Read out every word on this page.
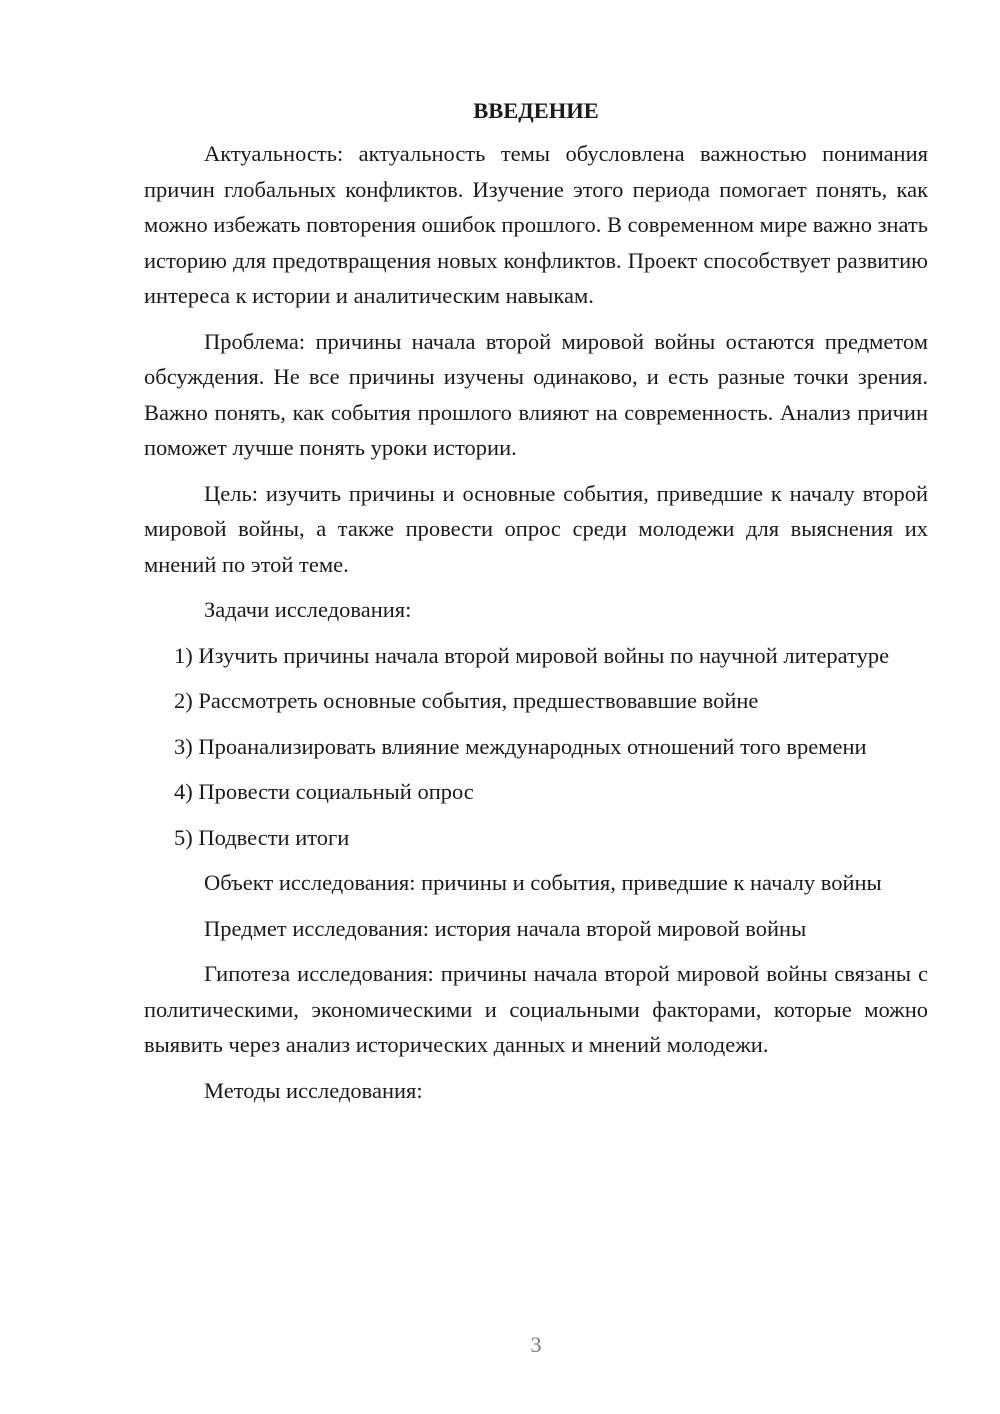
ВВЕДЕНИЕ

Актуальность: актуальность темы обусловлена важностью понимания причин глобальных конфликтов. Изучение этого периода помогает понять, как можно избежать повторения ошибок прошлого. В современном мире важно знать историю для предотвращения новых конфликтов. Проект способствует развитию интереса к истории и аналитическим навыкам.

Проблема: причины начала второй мировой войны остаются предметом обсуждения. Не все причины изучены одинаково, и есть разные точки зрения. Важно понять, как события прошлого влияют на современность. Анализ причин поможет лучше понять уроки истории.

Цель: изучить причины и основные события, приведшие к началу второй мировой войны, а также провести опрос среди молодежи для выяснения их мнений по этой теме.

Задачи исследования:

1) Изучить причины начала второй мировой войны по научной литературе

2) Рассмотреть основные события, предшествовавшие войне

3) Проанализировать влияние международных отношений того времени

4) Провести социальный опрос

5) Подвести итоги

Объект исследования: причины и события, приведшие к началу войны

Предмет исследования: история начала второй мировой войны

Гипотеза исследования: причины начала второй мировой войны связаны с политическими, экономическими и социальными факторами, которые можно выявить через анализ исторических данных и мнений молодежи.

Методы исследования:

3
